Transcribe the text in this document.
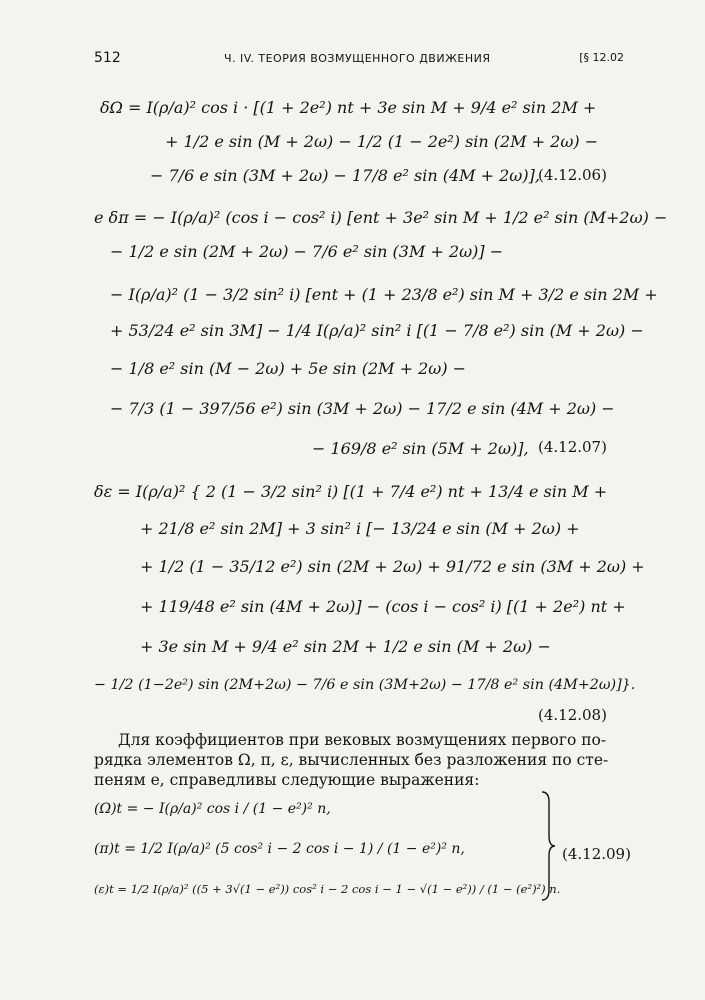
512	Ч. IV. ТЕОРИЯ ВОЗМУЩЕННОГО ДВИЖЕНИЯ	[§ 12.02
δΩ = I(ρ/a)² cos i · [(1 + 2e²) nt + 3e sin M + 9/4 e² sin 2M +
+ 1/2 e sin (M + 2ω) − 1/2 (1 − 2e²) sin (2M + 2ω) −
− 7/6 e sin (3M + 2ω) − 17/8 e² sin (4M + 2ω)],
(4.12.06)
e δπ = − I(ρ/a)² (cos i − cos² i) [ent + 3e² sin M + 1/2 e² sin (M+2ω) −
− 1/2 e sin (2M + 2ω) − 7/6 e² sin (3M + 2ω)] −
− I(ρ/a)² (1 − 3/2 sin² i) [ent + (1 + 23/8 e²) sin M + 3/2 e sin 2M +
+ 53/24 e² sin 3M] − 1/4 I(ρ/a)² sin² i [(1 − 7/8 e²) sin (M + 2ω) −
− 1/8 e² sin (M − 2ω) + 5e sin (2M + 2ω) −
− 7/3 (1 − 397/56 e²) sin (3M + 2ω) − 17/2 e sin (4M + 2ω) −
− 169/8 e² sin (5M + 2ω)], (4.12.07)
δε = I(ρ/a)² { 2 (1 − 3/2 sin² i) [(1 + 7/4 e²) nt + 13/4 e sin M +
+ 21/8 e² sin 2M] + 3 sin² i [− 13/24 e sin (M + 2ω) +
+ 1/2 (1 − 35/12 e²) sin (2M + 2ω) + 91/72 e sin (3M + 2ω) +
+ 119/48 e² sin (4M + 2ω)] − (cos i − cos² i) [(1 + 2e²) nt +
+ 3e sin M + 9/4 e² sin 2M + 1/2 e sin (M + 2ω) −
− 1/2 (1−2e²) sin (2M+2ω) − 7/6 e sin (3M+2ω) − 17/8 e² sin (4M+2ω)]}.
(4.12.08)
Для коэффициентов при вековых возмущениях первого по-
рядка элементов Ω, π, ε, вычисленных без разложения по сте-
пеням e, справедливы следующие выражения:
(Ω)t = − I(ρ/a)² cos i / (1 − e²)² n,
(π)t = 1/2 I(ρ/a)² (5 cos² i − 2 cos i − 1) / (1 − e²)² n,
(ε)t = 1/2 I(ρ/a)² ((5 + 3√(1 − e²)) cos² i − 2 cos i − 1 − √(1 − e²)) / (1 − (e²)²) n.
(4.12.09)
